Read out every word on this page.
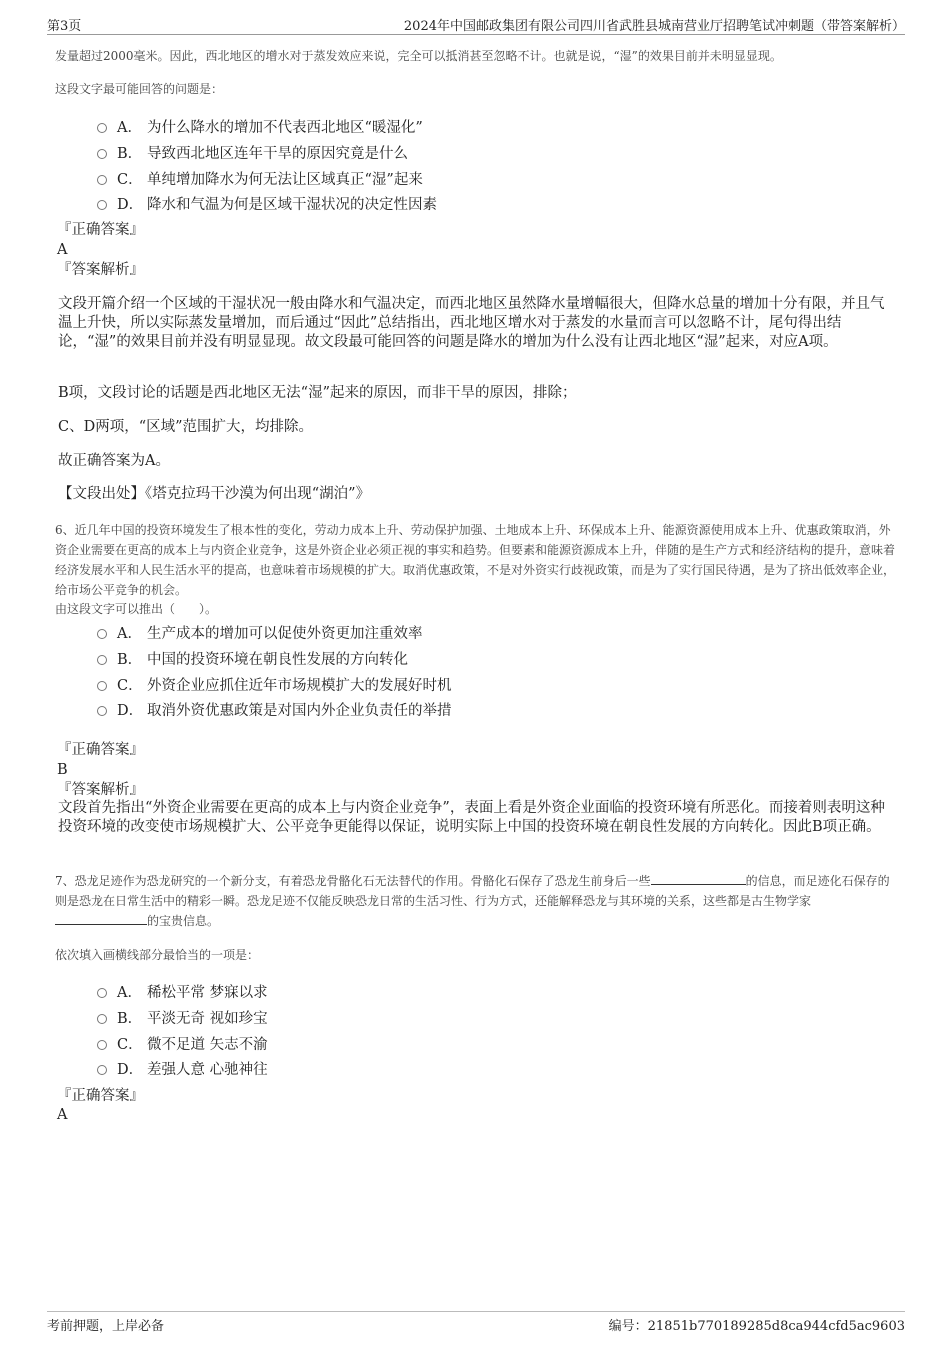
第3页	2024年中国邮政集团有限公司四川省武胜县城南营业厅招聘笔试冲刺题（带答案解析）

发量超过2000毫米。因此，西北地区的增水对于蒸发效应来说，完全可以抵消甚至忽略不计。也就是说，“湿”的效果目前并未明显显现。

这段文字最可能回答的问题是：

A． 为什么降水的增加不代表西北地区“暖湿化”
B． 导致西北地区连年干旱的原因究竟是什么
C． 单纯增加降水为何无法让区域真正“湿”起来
D． 降水和气温为何是区域干湿状况的决定性因素

『正确答案』

A

『答案解析』

文段开篇介绍一个区域的干湿状况一般由降水和气温决定，而西北地区虽然降水量增幅很大，但降水总量的增加十分有限，并且气温上升快，所以实际蒸发量增加，而后通过“因此”总结指出，西北地区增水对于蒸发的水量而言可以忽略不计，尾句得出结论，“湿”的效果目前并没有明显显现。故文段最可能回答的问题是降水的增加为什么没有让西北地区“湿”起来，对应A项。

B项，文段讨论的话题是西北地区无法“湿”起来的原因，而非干旱的原因，排除；

C、D两项，“区域”范围扩大，均排除。

故正确答案为A。

【文段出处】《塔克拉玛干沙漠为何出现“湖泊”》

6、近几年中国的投资环境发生了根本性的变化，劳动力成本上升、劳动保护加强、土地成本上升、环保成本上升、能源资源使用成本上升、优惠政策取消，外资企业需要在更高的成本上与内资企业竞争，这是外资企业必须正视的事实和趋势。但要素和能源资源成本上升，伴随的是生产方式和经济结构的提升，意味着经济发展水平和人民生活水平的提高，也意味着市场规模的扩大。取消优惠政策，不是对外资实行歧视政策，而是为了实行国民待遇，是为了挤出低效率企业，给市场公平竞争的机会。

由这段文字可以推出（　　）。

A． 生产成本的增加可以促使外资更加注重效率
B． 中国的投资环境在朝良性发展的方向转化
C． 外资企业应抓住近年市场规模扩大的发展好时机
D． 取消外资优惠政策是对国内外企业负责任的举措

『正确答案』

B

『答案解析』

文段首先指出“外资企业需要在更高的成本上与内资企业竞争”，表面上看是外资企业面临的投资环境有所恶化。而接着则表明这种投资环境的改变使市场规模扩大、公平竞争更能得以保证，说明实际上中国的投资环境在朝良性发展的方向转化。因此B项正确。

7、恐龙足迹作为恐龙研究的一个新分支，有着恐龙骨骼化石无法替代的作用。骨骼化石保存了恐龙生前身后一些	的信息，而足迹化石保存的则是恐龙在日常生活中的精彩一瞬。恐龙足迹不仅能反映恐龙日常的生活习性、行为方式，还能解释恐龙与其环境的关系，这些都是古生物学家的宝贵信息。

依次填入画横线部分最恰当的一项是：

A． 稀松平常 梦寐以求
B． 平淡无奇 视如珍宝
C． 微不足道 矢志不渝
D． 差强人意 心驰神往

『正确答案』

A

考前押题，上岸必备	编号：21851b770189285d8ca944cfd5ac9603
